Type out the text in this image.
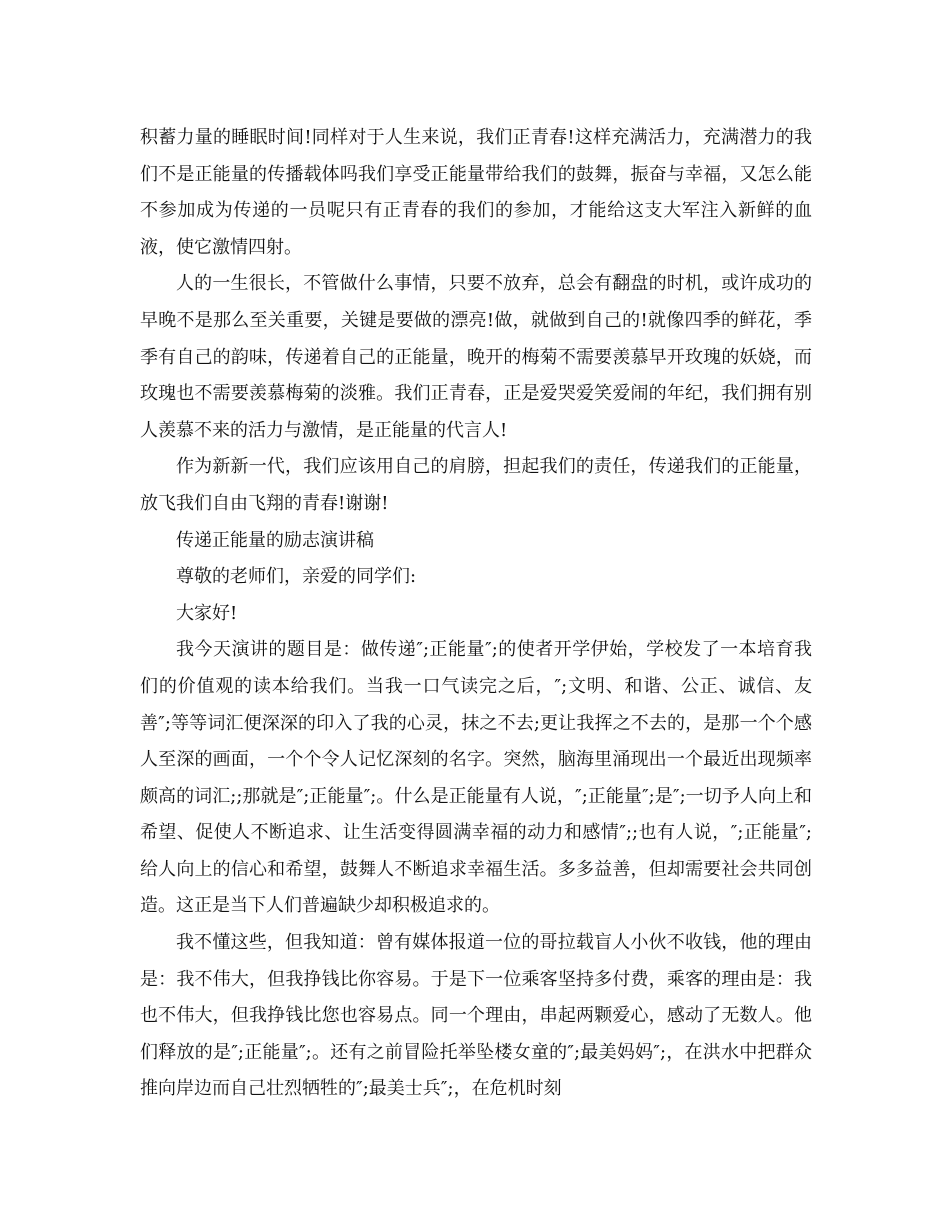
积蓄力量的睡眠时间!同样对于人生来说，我们正青春!这样充满活力，充满潜力的我们不是正能量的传播载体吗我们享受正能量带给我们的鼓舞，振奋与幸福，又怎么能不参加成为传递的一员呢只有正青春的我们的参加，才能给这支大军注入新鲜的血液，使它激情四射。

人的一生很长，不管做什么事情，只要不放弃，总会有翻盘的时机，或许成功的早晚不是那么至关重要，关键是要做的漂亮!做，就做到自己的!就像四季的鲜花，季季有自己的韵味，传递着自己的正能量，晚开的梅菊不需要羡慕早开玫瑰的妖娆，而玫瑰也不需要羡慕梅菊的淡雅。我们正青春，正是爱哭爱笑爱闹的年纪，我们拥有别人羡慕不来的活力与激情，是正能量的代言人!

作为新新一代，我们应该用自己的肩膀，担起我们的责任，传递我们的正能量，放飞我们自由飞翔的青春!谢谢!

传递正能量的励志演讲稿

尊敬的老师们，亲爱的同学们:

大家好!

我今天演讲的题目是：做传递″;正能量″;的使者开学伊始，学校发了一本培育我们的价值观的读本给我们。当我一口气读完之后，″;文明、和谐、公正、诚信、友善″;等等词汇便深深的印入了我的心灵，抹之不去;更让我挥之不去的，是那一个个感人至深的画面，一个个令人记忆深刻的名字。突然，脑海里涌现出一个最近出现频率颇高的词汇;;那就是″;正能量″;。什么是正能量有人说，″;正能量″;是″;一切予人向上和希望、促使人不断追求、让生活变得圆满幸福的动力和感情″;;也有人说，″;正能量″;给人向上的信心和希望，鼓舞人不断追求幸福生活。多多益善，但却需要社会共同创造。这正是当下人们普遍缺少却积极追求的。

我不懂这些，但我知道：曾有媒体报道一位的哥拉载盲人小伙不收钱，他的理由是：我不伟大，但我挣钱比你容易。于是下一位乘客坚持多付费，乘客的理由是：我也不伟大，但我挣钱比您也容易点。同一个理由，串起两颗爱心，感动了无数人。他们释放的是″;正能量″;。还有之前冒险托举坠楼女童的″;最美妈妈″;，在洪水中把群众推向岸边而自己壮烈牺牲的″;最美士兵″;，在危机时刻
